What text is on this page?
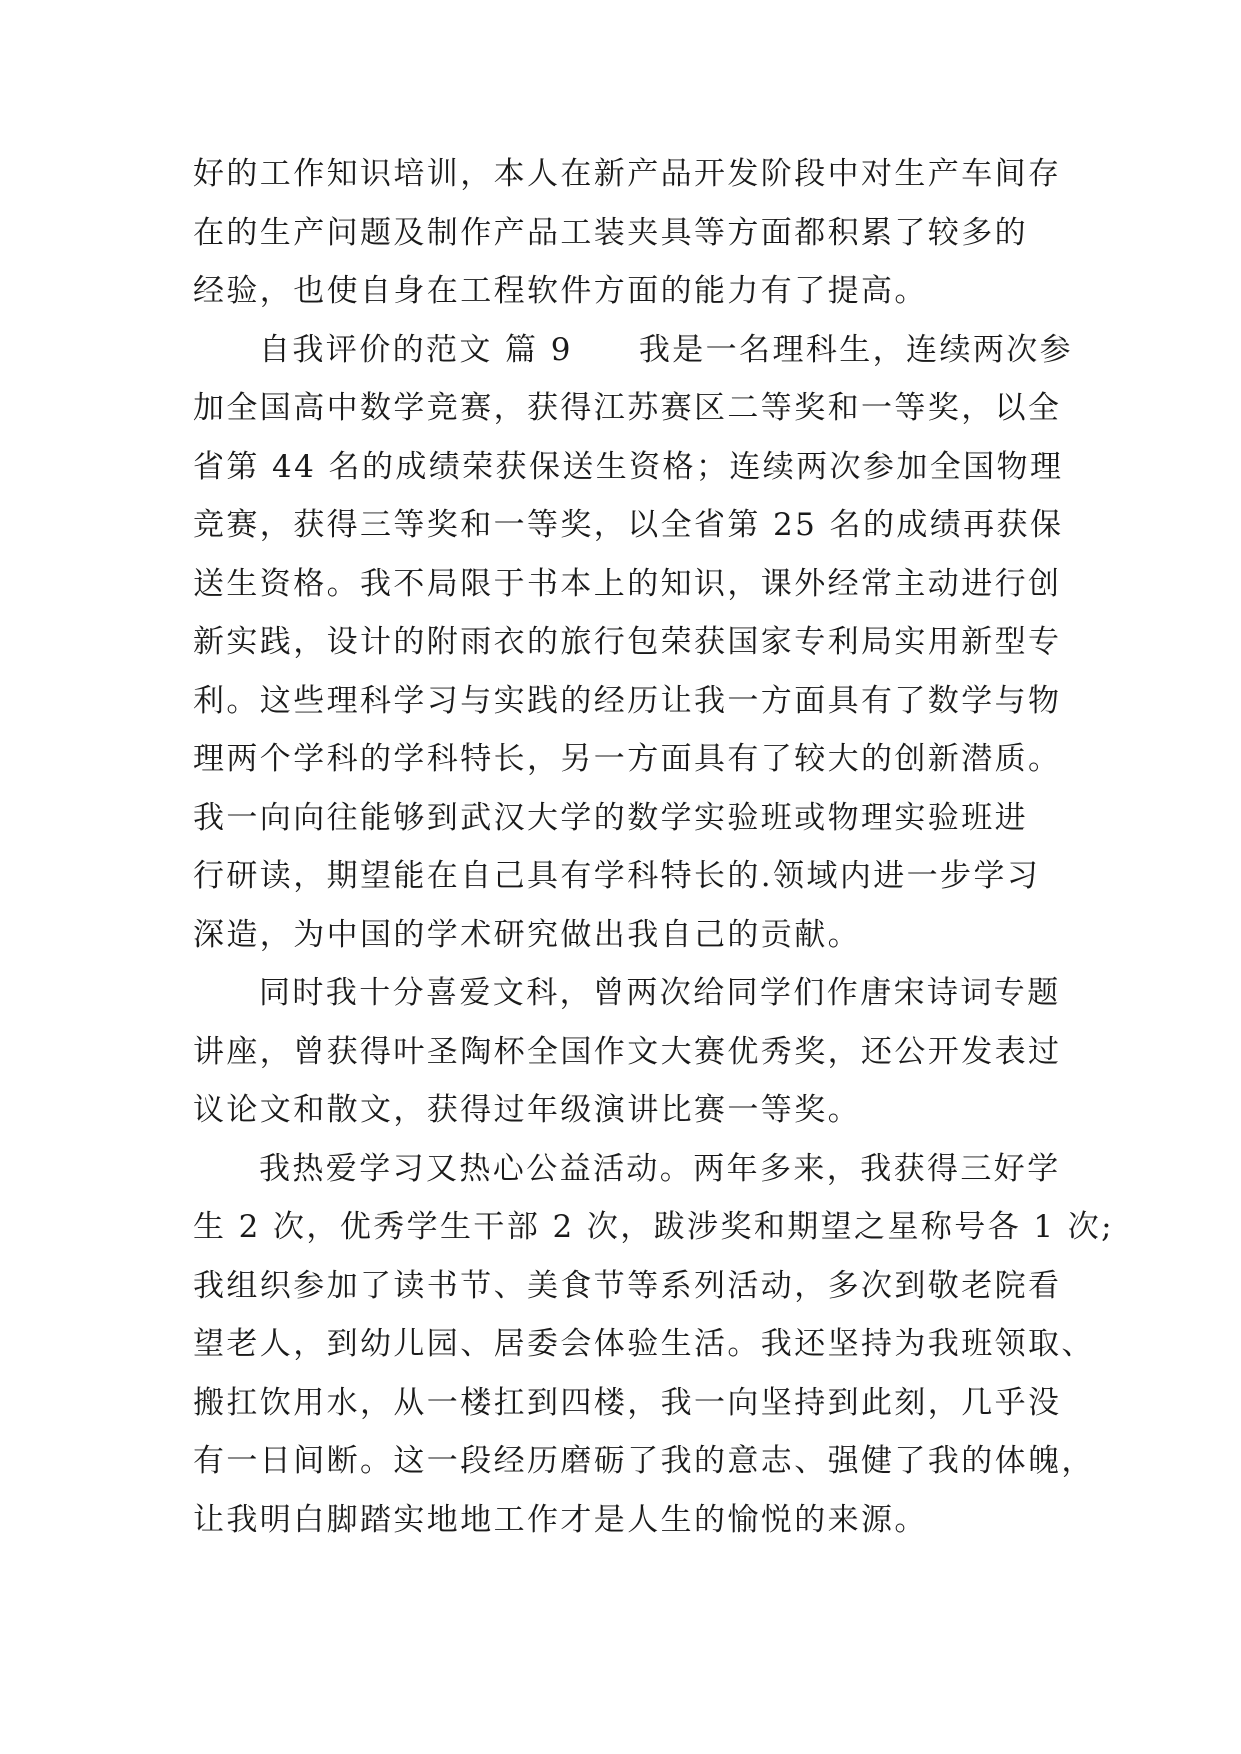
好的工作知识培训，本人在新产品开发阶段中对生产车间存
在的生产问题及制作产品工装夹具等方面都积累了较多的
经验，也使自身在工程软件方面的能力有了提高。
自我评价的范文 篇 9 我是一名理科生，连续两次参
加全国高中数学竞赛，获得江苏赛区二等奖和一等奖，以全
省第 44 名的成绩荣获保送生资格；连续两次参加全国物理
竞赛，获得三等奖和一等奖，以全省第 25 名的成绩再获保
送生资格。我不局限于书本上的知识，课外经常主动进行创
新实践，设计的附雨衣的旅行包荣获国家专利局实用新型专
利。这些理科学习与实践的经历让我一方面具有了数学与物
理两个学科的学科特长，另一方面具有了较大的创新潜质。
我一向向往能够到武汉大学的数学实验班或物理实验班进
行研读，期望能在自己具有学科特长的.领域内进一步学习
深造，为中国的学术研究做出我自己的贡献。
同时我十分喜爱文科，曾两次给同学们作唐宋诗词专题
讲座，曾获得叶圣陶杯全国作文大赛优秀奖，还公开发表过
议论文和散文，获得过年级演讲比赛一等奖。
我热爱学习又热心公益活动。两年多来，我获得三好学
生 2 次，优秀学生干部 2 次，跋涉奖和期望之星称号各 1 次;
我组织参加了读书节、美食节等系列活动，多次到敬老院看
望老人，到幼儿园、居委会体验生活。我还坚持为我班领取、
搬扛饮用水，从一楼扛到四楼，我一向坚持到此刻，几乎没
有一日间断。这一段经历磨砺了我的意志、强健了我的体魄，
让我明白脚踏实地地工作才是人生的愉悦的来源。
